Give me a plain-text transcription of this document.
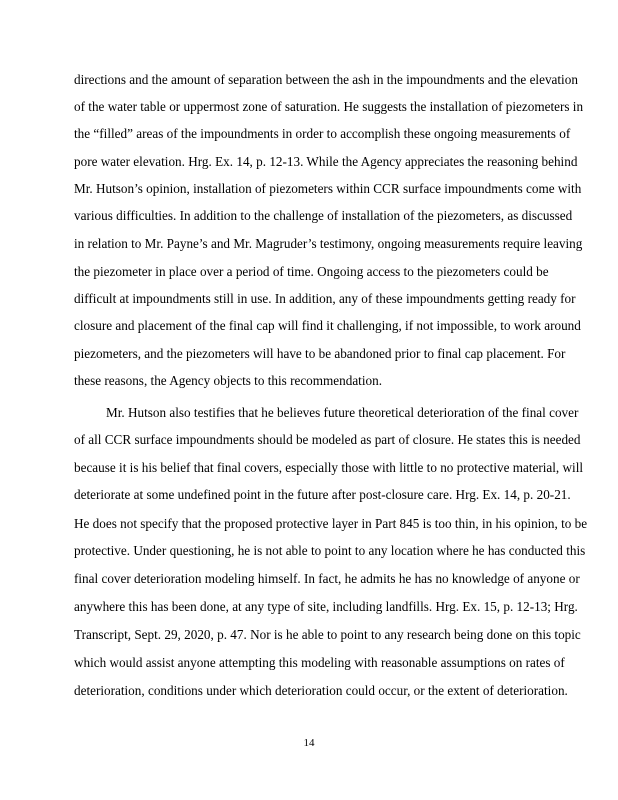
directions and the amount of separation between the ash in the impoundments and the elevation
of the water table or uppermost zone of saturation. He suggests the installation of piezometers in
the “filled” areas of the impoundments in order to accomplish these ongoing measurements of
pore water elevation. Hrg. Ex. 14, p. 12-13. While the Agency appreciates the reasoning behind
Mr. Hutson’s opinion, installation of piezometers within CCR surface impoundments come with
various difficulties. In addition to the challenge of installation of the piezometers, as discussed
in relation to Mr. Payne’s and Mr. Magruder’s testimony, ongoing measurements require leaving
the piezometer in place over a period of time. Ongoing access to the piezometers could be
difficult at impoundments still in use. In addition, any of these impoundments getting ready for
closure and placement of the final cap will find it challenging, if not impossible, to work around
piezometers, and the piezometers will have to be abandoned prior to final cap placement. For
these reasons, the Agency objects to this recommendation.
Mr. Hutson also testifies that he believes future theoretical deterioration of the final cover
of all CCR surface impoundments should be modeled as part of closure. He states this is needed
because it is his belief that final covers, especially those with little to no protective material, will
deteriorate at some undefined point in the future after post-closure care. Hrg. Ex. 14, p. 20-21.
He does not specify that the proposed protective layer in Part 845 is too thin, in his opinion, to be
protective. Under questioning, he is not able to point to any location where he has conducted this
final cover deterioration modeling himself. In fact, he admits he has no knowledge of anyone or
anywhere this has been done, at any type of site, including landfills. Hrg. Ex. 15, p. 12-13; Hrg.
Transcript, Sept. 29, 2020, p. 47. Nor is he able to point to any research being done on this topic
which would assist anyone attempting this modeling with reasonable assumptions on rates of
deterioration, conditions under which deterioration could occur, or the extent of deterioration.
14
